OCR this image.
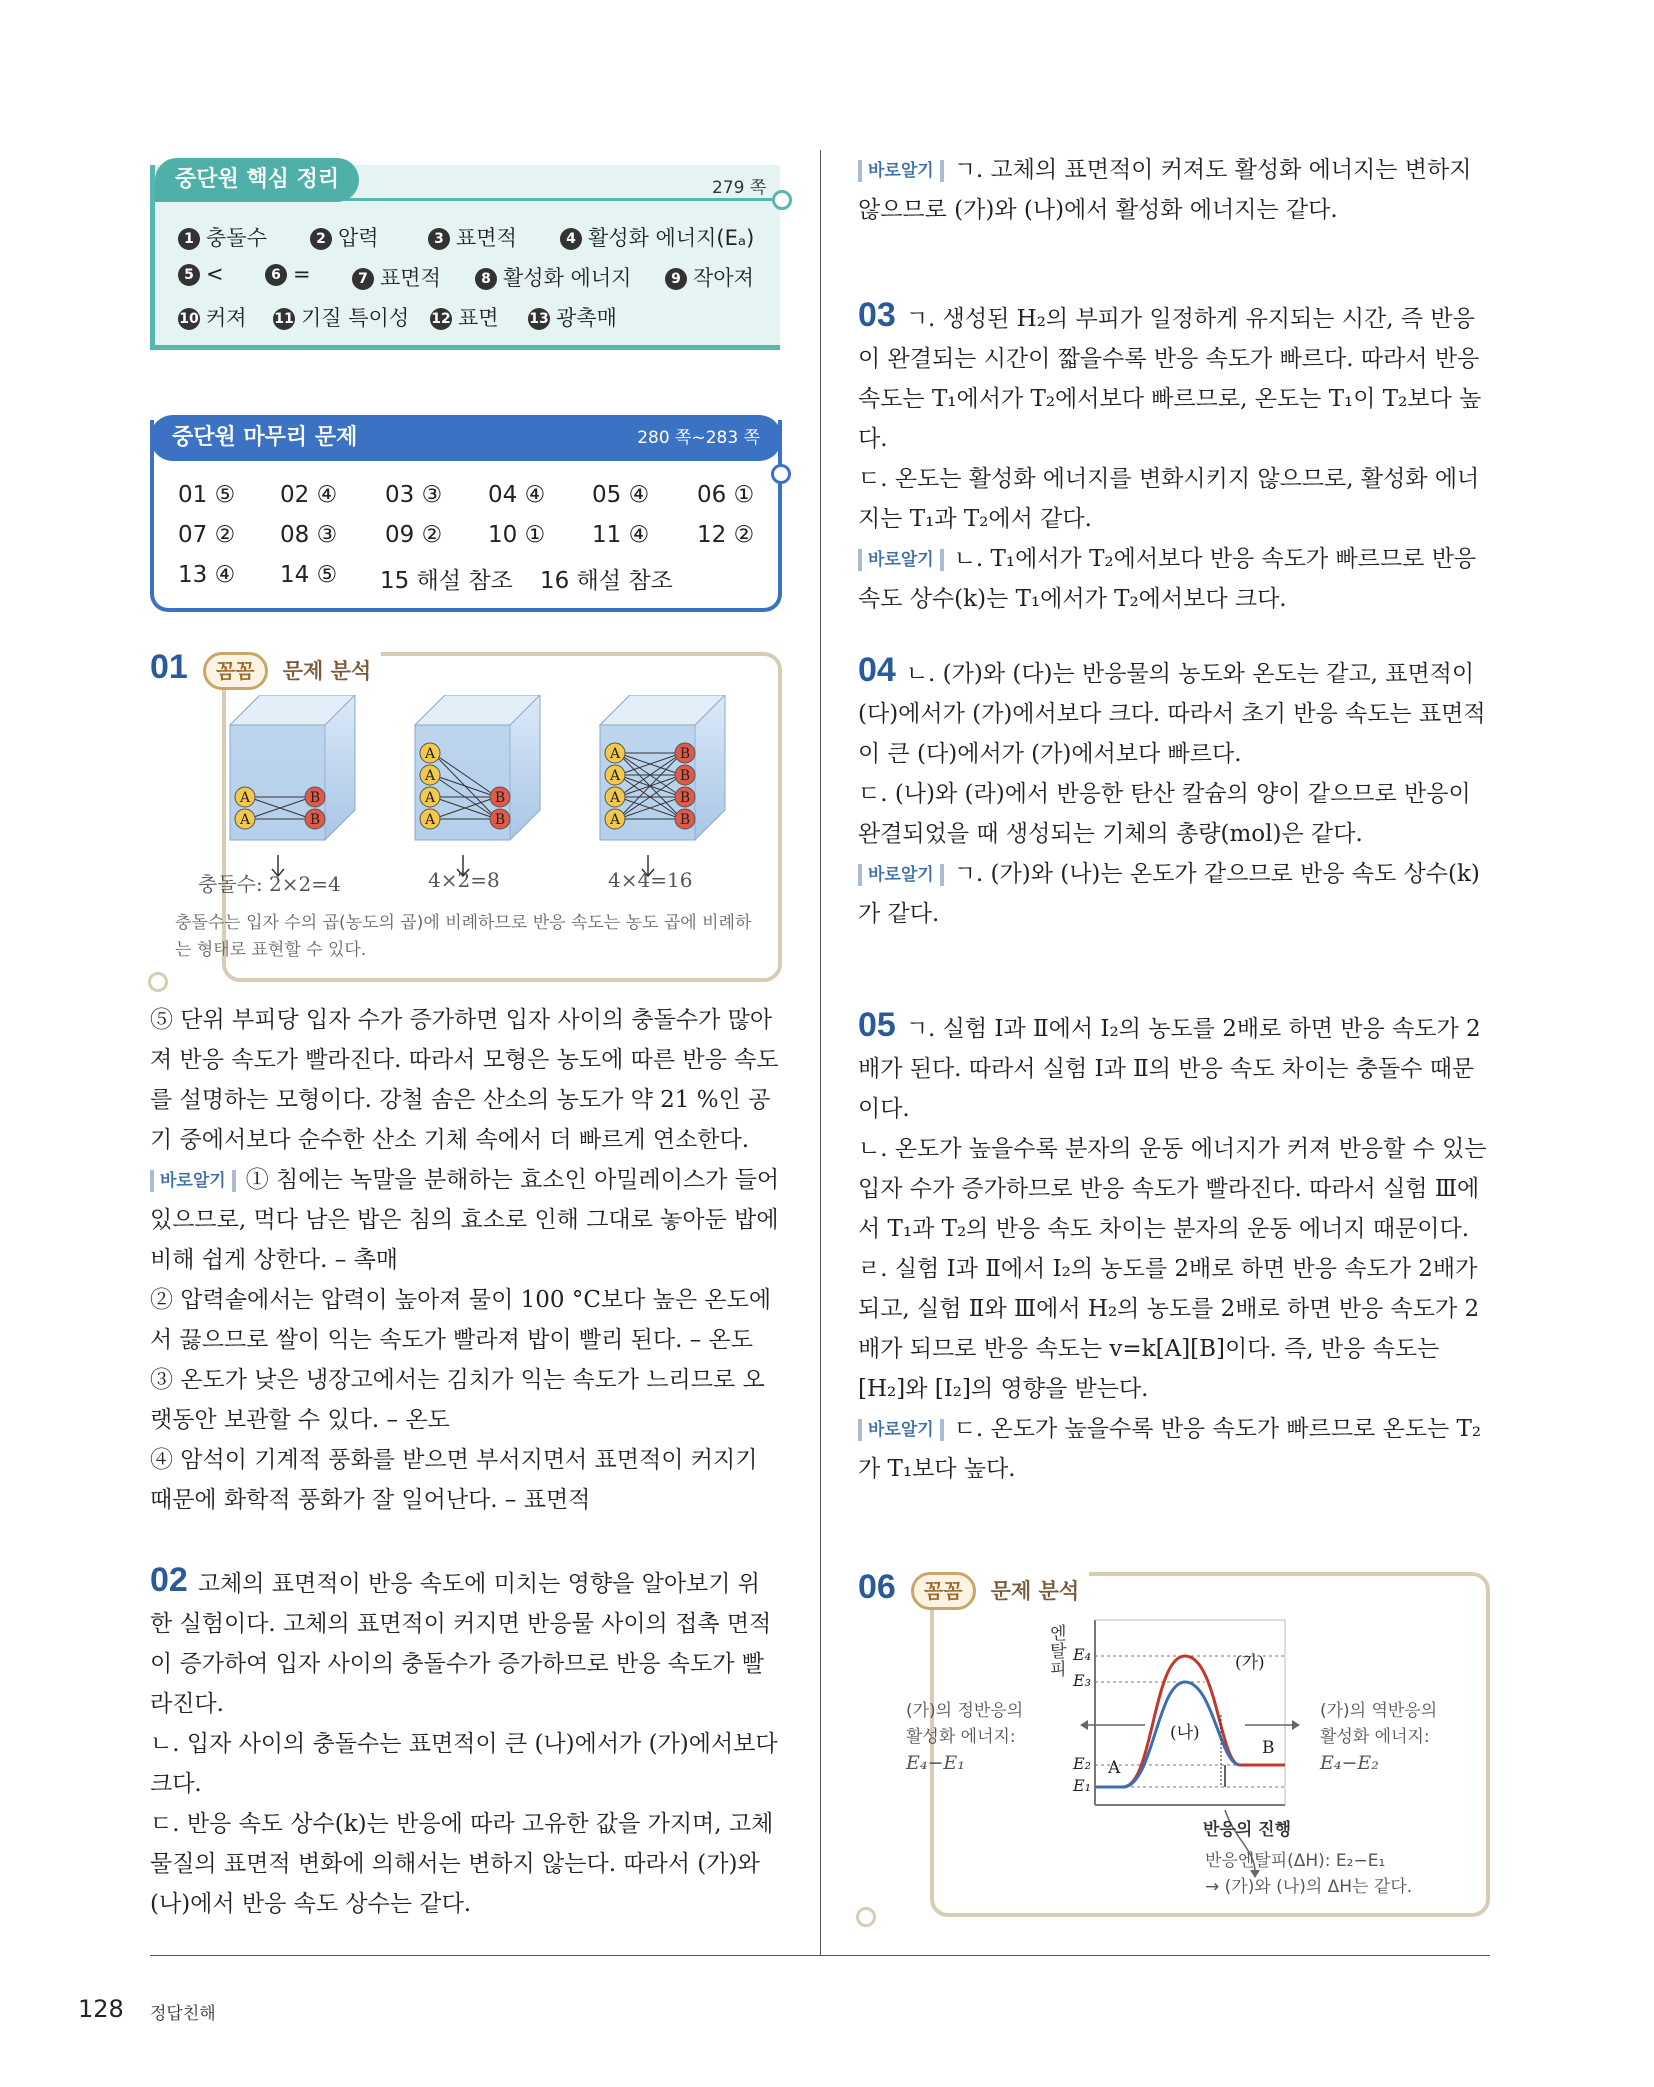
중단원 핵심 정리	279 쪽
1 충돌수	2 압력	3 표면적	4 활성화 에너지(Eₐ)
5 <	6 =	7 표면적	8 활성화 에너지	9 작아져
10 커져 11 기질 특이성 12 표면 13 광촉매
중단원 마무리 문제	280 쪽~283 쪽
01 ⑤ 02 ④ 03 ③ 04 ④ 05 ④ 06 ①
07 ② 08 ③ 09 ② 10 ① 11 ④ 12 ②
13 ④ 14 ⑤ 15 해설 참조 16 해설 참조
01 꼼꼼 문제 분석
A
A
B
B
A
A
A
A
B
B
A
A
A
A
B
B
B
B
충돌수: 2×2=4	4×2=8	4×4=16
충돌수는 입자 수의 곱(농도의 곱)에 비례하므로 반응 속도는 농도 곱에 비례하는 형태로 표현할 수 있다.

⑤ 단위 부피당 입자 수가 증가하면 입자 사이의 충돌수가 많아져 반응 속도가 빨라진다. 따라서 모형은 농도에 따른 반응 속도를 설명하는 모형이다. 강철 솜은 산소의 농도가 약 21 %인 공기 중에서보다 순수한 산소 기체 속에서 더 빠르게 연소한다.

바로알기 ① 침에는 녹말을 분해하는 효소인 아밀레이스가 들어 있으므로, 먹다 남은 밥은 침의 효소로 인해 그대로 놓아둔 밥에 비해 쉽게 상한다. – 촉매

② 압력솥에서는 압력이 높아져 물이 100 °C보다 높은 온도에서 끓으므로 쌀이 익는 속도가 빨라져 밥이 빨리 된다. – 온도

③ 온도가 낮은 냉장고에서는 김치가 익는 속도가 느리므로 오랫동안 보관할 수 있다. – 온도

④ 암석이 기계적 풍화를 받으면 부서지면서 표면적이 커지기 때문에 화학적 풍화가 잘 일어난다. – 표면적

02 고체의 표면적이 반응 속도에 미치는 영향을 알아보기 위한 실험이다. 고체의 표면적이 커지면 반응물 사이의 접촉 면적이 증가하여 입자 사이의 충돌수가 증가하므로 반응 속도가 빨라진다.

ㄴ. 입자 사이의 충돌수는 표면적이 큰 (나)에서가 (가)에서보다 크다.

ㄷ. 반응 속도 상수(k)는 반응에 따라 고유한 값을 가지며, 고체 물질의 표면적 변화에 의해서는 변하지 않는다. 따라서 (가)와 (나)에서 반응 속도 상수는 같다.

바로알기 ㄱ. 고체의 표면적이 커져도 활성화 에너지는 변하지 않으므로 (가)와 (나)에서 활성화 에너지는 같다.

03 ㄱ. 생성된 H₂의 부피가 일정하게 유지되는 시간, 즉 반응이 완결되는 시간이 짧을수록 반응 속도가 빠르다. 따라서 반응 속도는 T₁에서가 T₂에서보다 빠르므로, 온도는 T₁이 T₂보다 높다.

ㄷ. 온도는 활성화 에너지를 변화시키지 않으므로, 활성화 에너지는 T₁과 T₂에서 같다.

바로알기 ㄴ. T₁에서가 T₂에서보다 반응 속도가 빠르므로 반응 속도 상수(k)는 T₁에서가 T₂에서보다 크다.

04 ㄴ. (가)와 (다)는 반응물의 농도와 온도는 같고, 표면적이 (다)에서가 (가)에서보다 크다. 따라서 초기 반응 속도는 표면적이 큰 (다)에서가 (가)에서보다 빠르다.

ㄷ. (나)와 (라)에서 반응한 탄산 칼슘의 양이 같으므로 반응이 완결되었을 때 생성되는 기체의 총량(mol)은 같다.

바로알기 ㄱ. (가)와 (나)는 온도가 같으므로 반응 속도 상수(k)가 같다.

05 ㄱ. 실험 Ⅰ과 Ⅱ에서 I₂의 농도를 2배로 하면 반응 속도가 2배가 된다. 따라서 실험 Ⅰ과 Ⅱ의 반응 속도 차이는 충돌수 때문이다.

ㄴ. 온도가 높을수록 분자의 운동 에너지가 커져 반응할 수 있는 입자 수가 증가하므로 반응 속도가 빨라진다. 따라서 실험 Ⅲ에서 T₁과 T₂의 반응 속도 차이는 분자의 운동 에너지 때문이다.

ㄹ. 실험 Ⅰ과 Ⅱ에서 I₂의 농도를 2배로 하면 반응 속도가 2배가 되고, 실험 Ⅱ와 Ⅲ에서 H₂의 농도를 2배로 하면 반응 속도가 2배가 되므로 반응 속도는 v=k[A][B]이다. 즉, 반응 속도는 [H₂]와 [I₂]의 영향을 받는다.

바로알기 ㄷ. 온도가 높을수록 반응 속도가 빠르므로 온도는 T₂가 T₁보다 높다.

06 꼼꼼 문제 분석
엔탈피
E₄
E₃
E₂
E₁
(가)
(나)
A
B
반응의 진행
(가)의 정반응의
활성화 에너지:
E₄−E₁
(가)의 역반응의
활성화 에너지:
E₄−E₂
반응엔탈피(ΔH): E₂−E₁
→ (가)와 (나)의 ΔH는 같다.
128 정답친해
